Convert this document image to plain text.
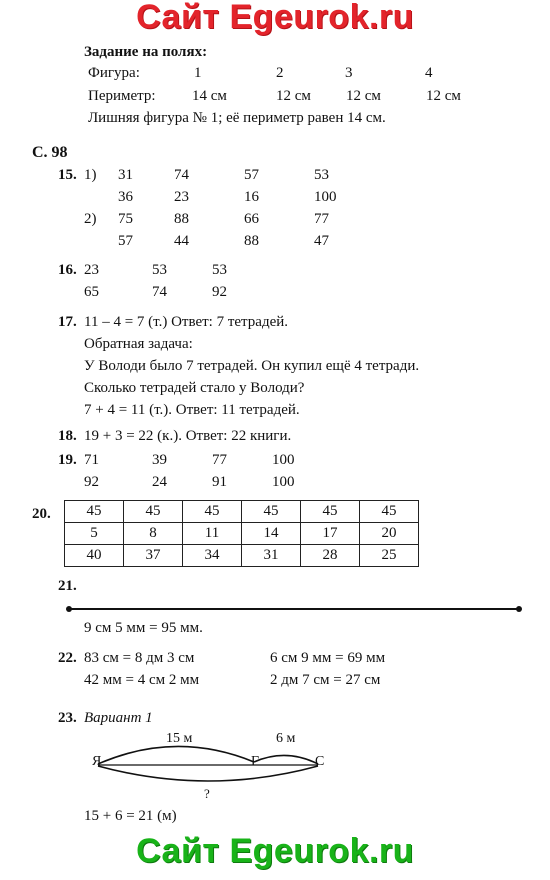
Сайт Egeurok.ru
Задание на полях:
Фигура:	1	2	3	4
Периметр: 14 см	12 см 12 см	12 см
Лишняя фигура № 1; её периметр равен 14 см.
С. 98
15. 1) 31	74	57	53
36	23	16	100
2) 75	88	66	77
57	44	88	47
16. 23	53	53
65	74	92
17. 11 – 4 = 7 (т.) Ответ: 7 тетрадей.
Обратная задача:
У Володи было 7 тетрадей. Он купил ещё 4 тетради.
Сколько тетрадей стало у Володи?
7 + 4 = 11 (т.). Ответ: 11 тетрадей.
18. 19 + 3 = 22 (к.). Ответ: 22 книги.
19. 71	39	77	100
92	24	91	100
20. 45	45	45	45	45	45
5	8	11	14	17	20
40	37	34	31	28	25
21.
9 см 5 мм = 95 мм.
22. 83 см = 8 дм 3 см	6 см 9 мм = 69 мм
42 мм = 4 см 2 мм	2 дм 7 см = 27 см
23. Вариант 1
Я	Г	С
15 м	6 м
?
15 + 6 = 21 (м)
Сайт Egeurok.ru
